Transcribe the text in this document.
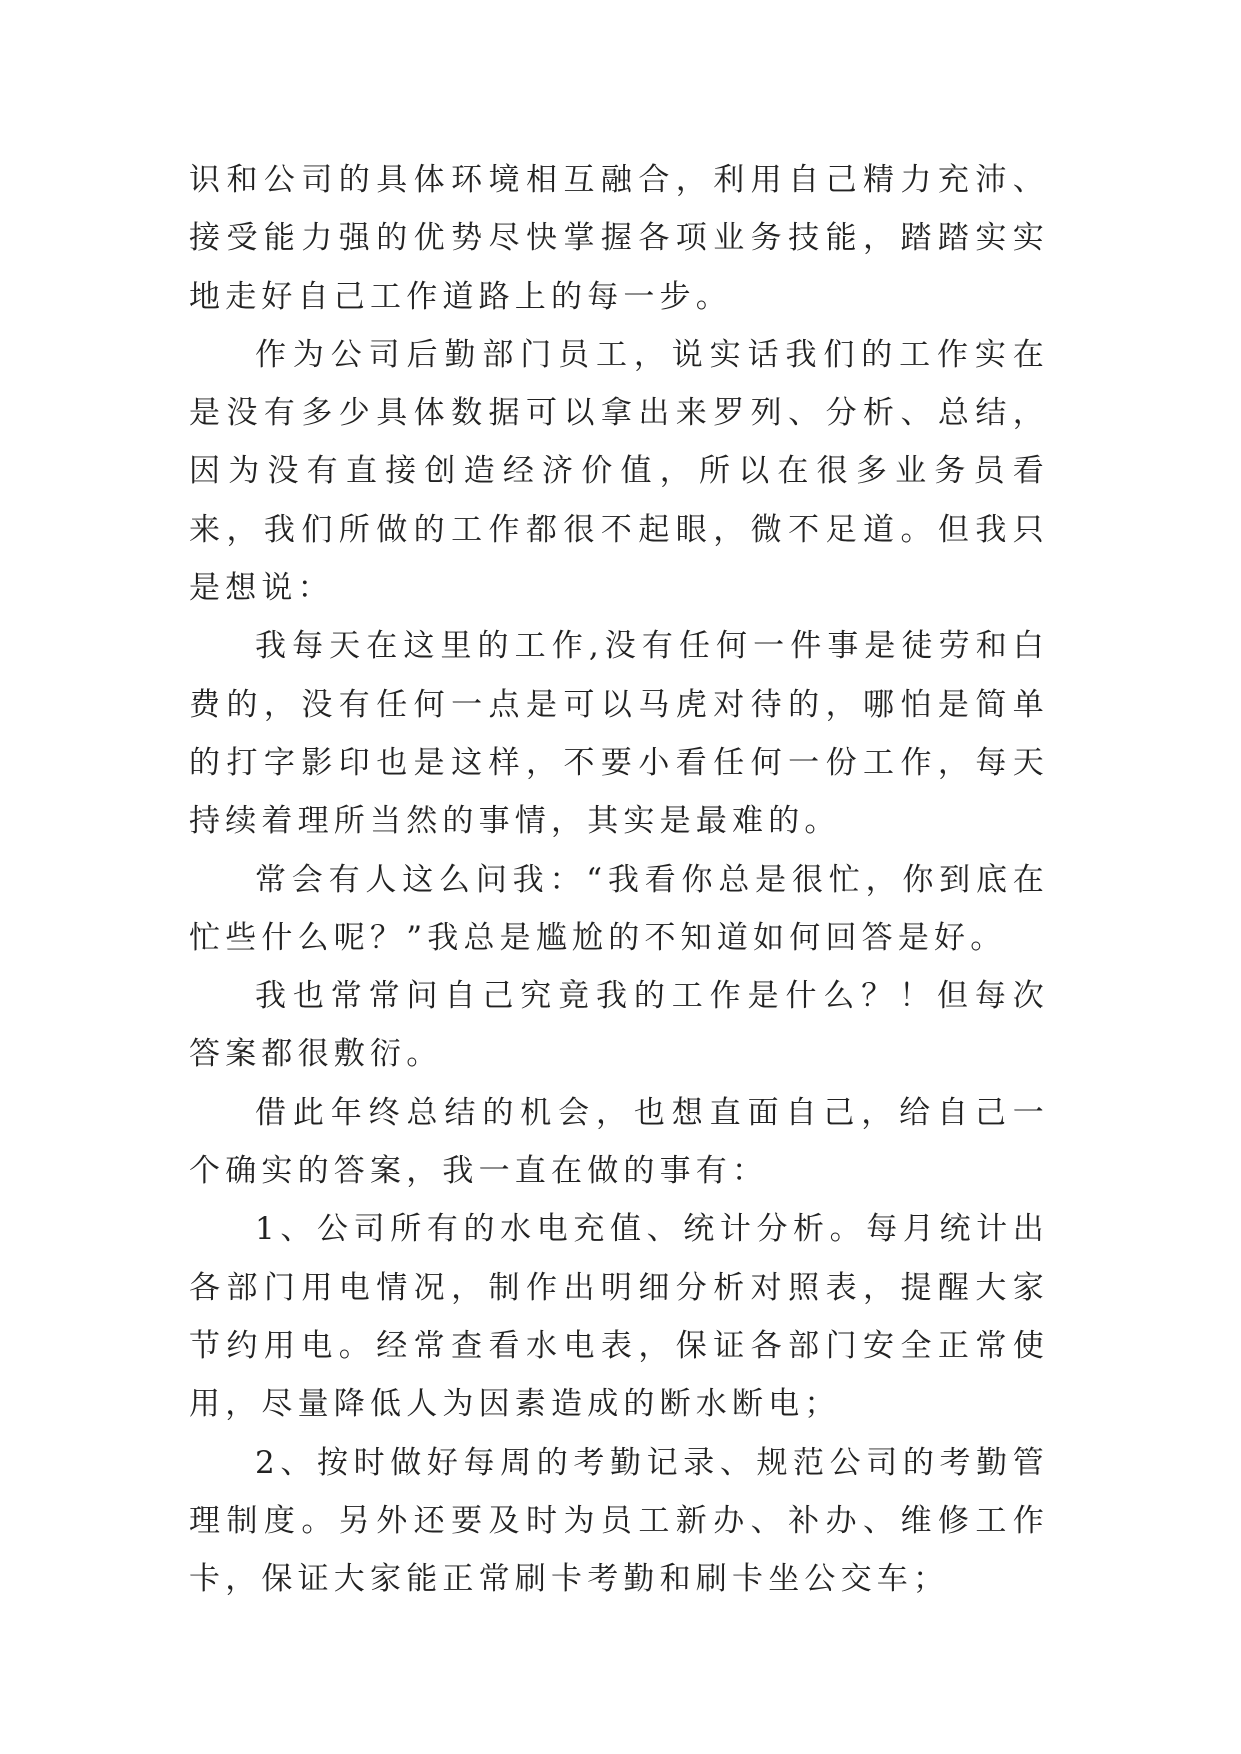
识和公司的具体环境相互融合，利用自己精力充沛、接受能力强的优势尽快掌握各项业务技能，踏踏实实地走好自己工作道路上的每一步。

作为公司后勤部门员工，说实话我们的工作实在是没有多少具体数据可以拿出来罗列、分析、总结，因为没有直接创造经济价值，所以在很多业务员看来，我们所做的工作都很不起眼，微不足道。但我只是想说：

我每天在这里的工作,没有任何一件事是徒劳和白费的，没有任何一点是可以马虎对待的，哪怕是简单的打字影印也是这样，不要小看任何一份工作，每天持续着理所当然的事情，其实是最难的。

常会有人这么问我：“我看你总是很忙，你到底在忙些什么呢？”我总是尴尬的不知道如何回答是好。

我也常常问自己究竟我的工作是什么？！但每次答案都很敷衍。

借此年终总结的机会，也想直面自己，给自己一个确实的答案，我一直在做的事有：

1、公司所有的水电充值、统计分析。每月统计出各部门用电情况，制作出明细分析对照表，提醒大家节约用电。经常查看水电表，保证各部门安全正常使用，尽量降低人为因素造成的断水断电；

2、按时做好每周的考勤记录、规范公司的考勤管理制度。另外还要及时为员工新办、补办、维修工作卡，保证大家能正常刷卡考勤和刷卡坐公交车；
